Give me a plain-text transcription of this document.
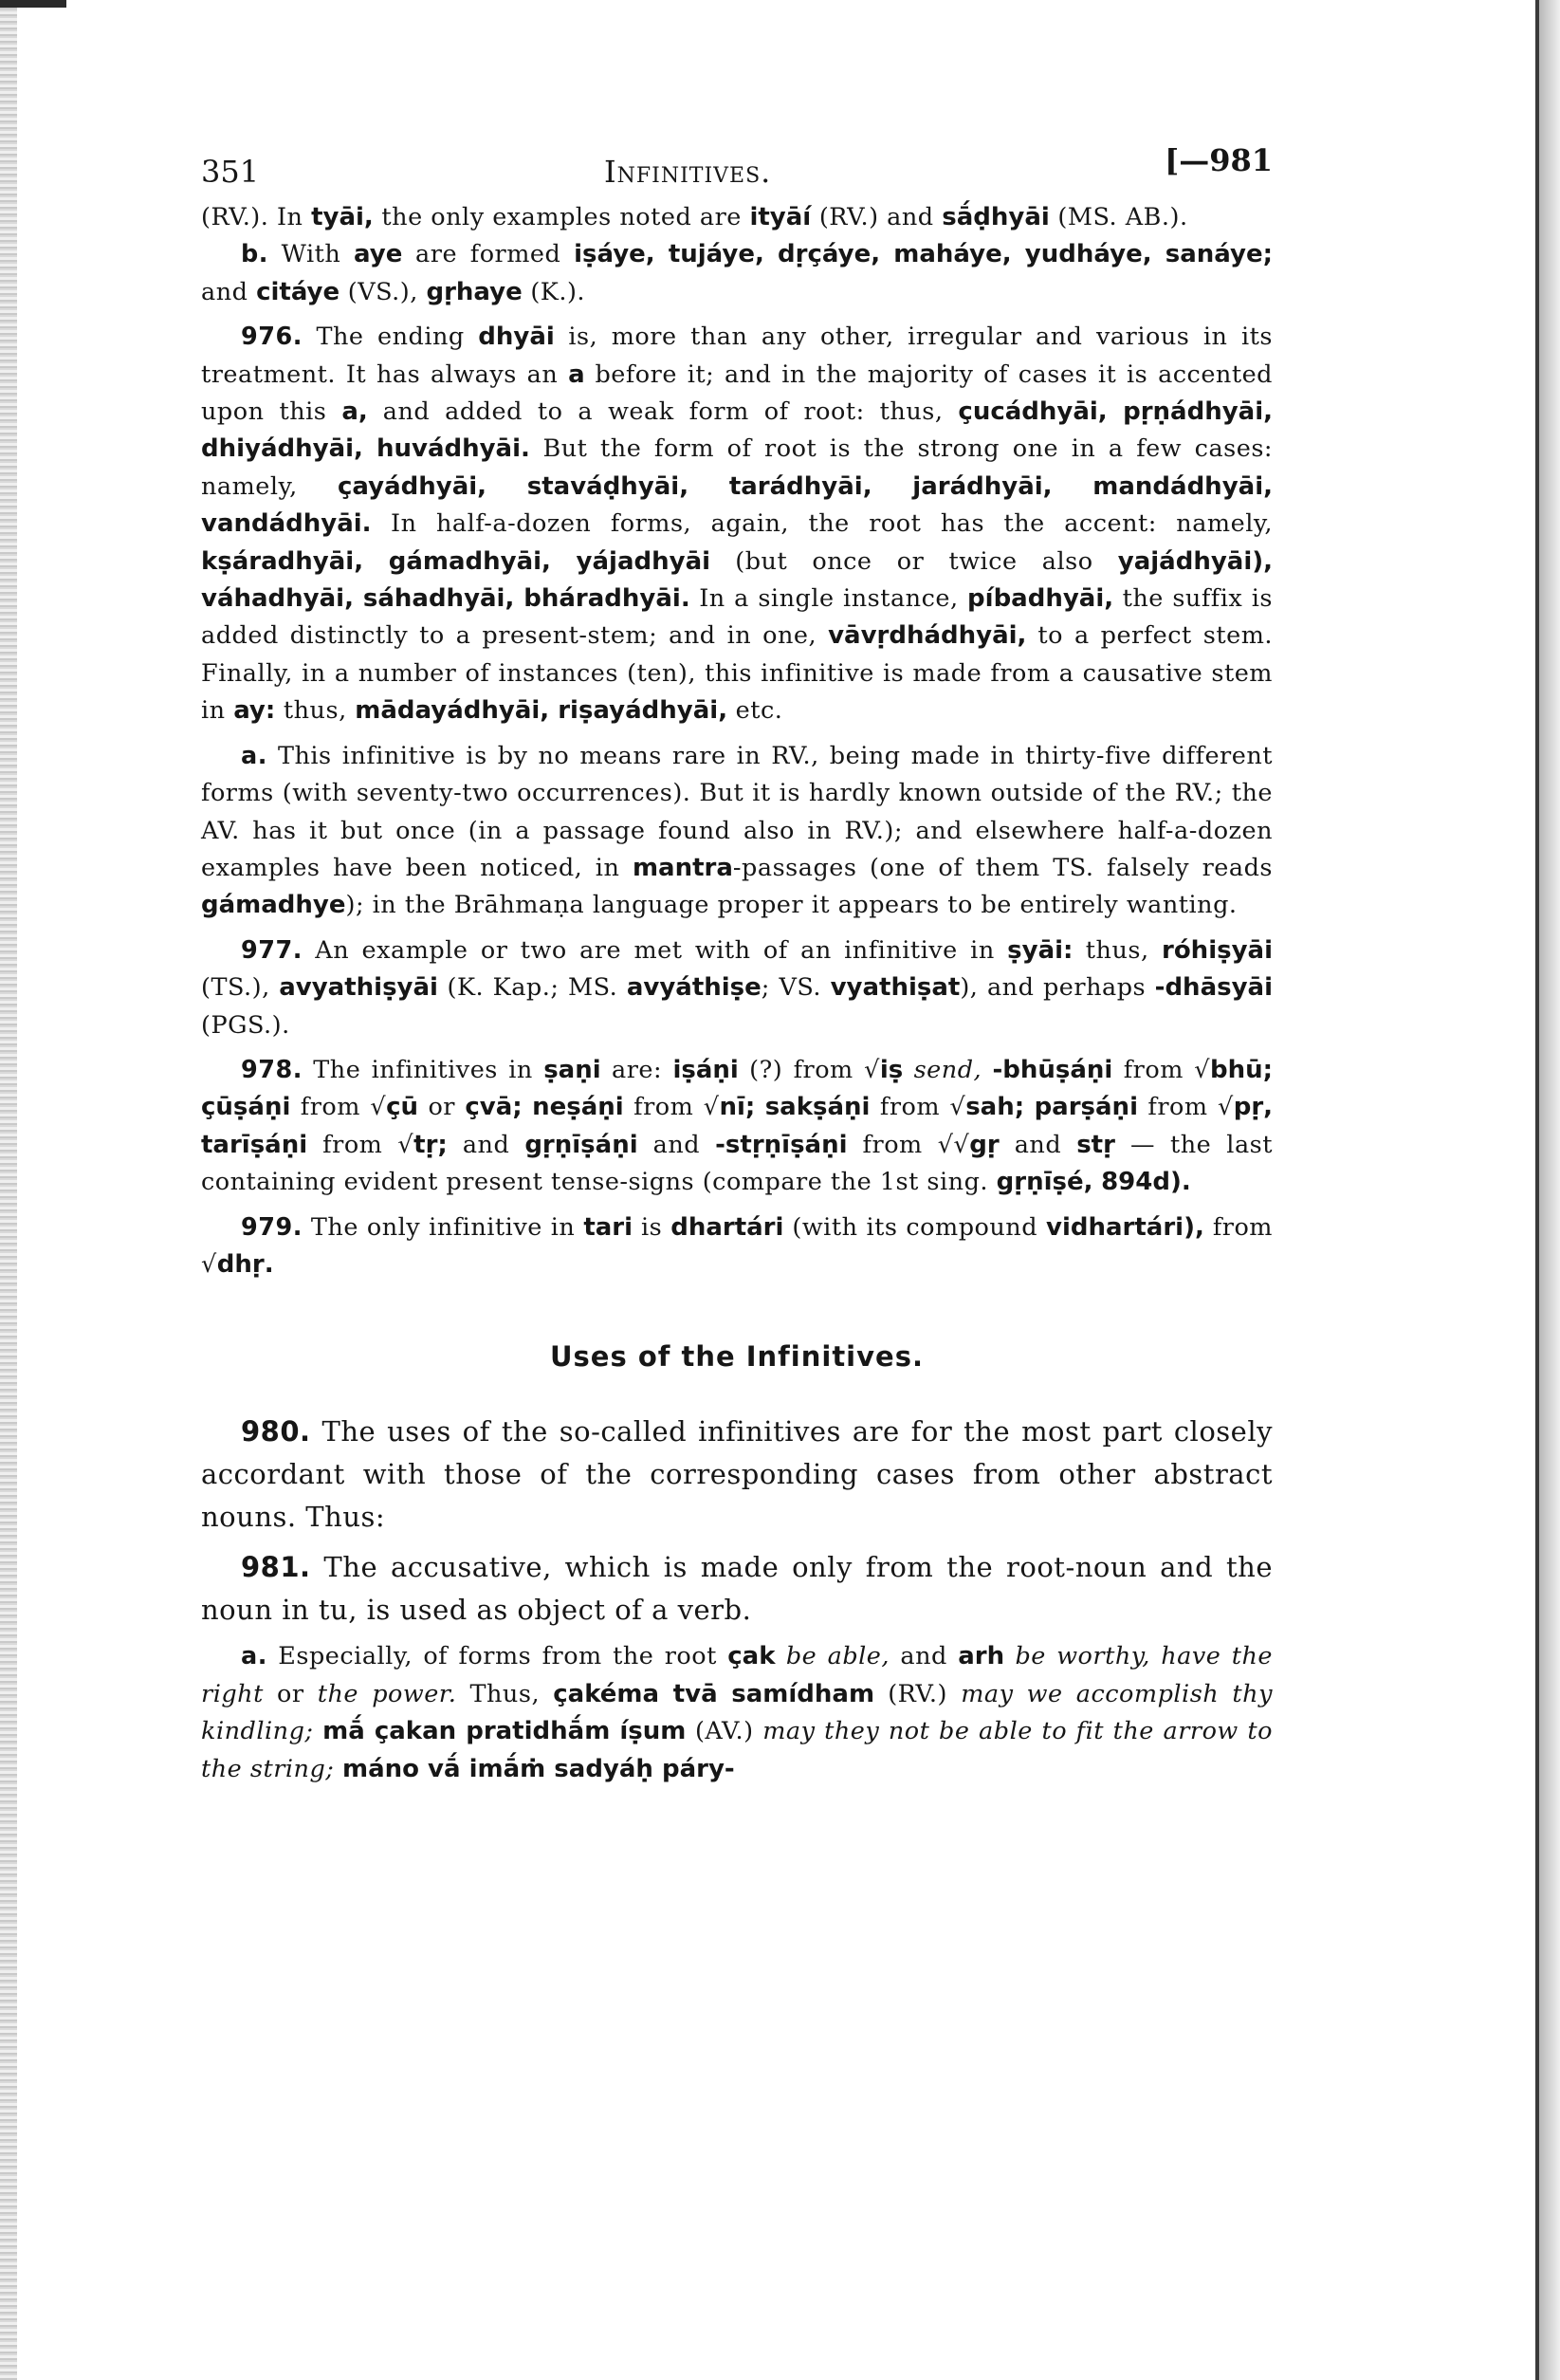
351	Infinitives.	[—981

(RV.). In tyāi, the only examples noted are ityāí (RV.) and sā́ḍhyāi (MS. AB.).

b. With aye are formed iṣáye, tujáye, dṛçáye, maháye, yudháye, sanáye; and citáye (VS.), gṛhaye (K.).

976. The ending dhyāi is, more than any other, irregular and various in its treatment. It has always an a before it; and in the majority of cases it is accented upon this a, and added to a weak form of root: thus, çucádhyāi, pṛṇádhyāi, dhiyádhyāi, huvádhyāi. But the form of root is the strong one in a few cases: namely, çayádhyāi, staváḍhyāi, tarádhyāi, jarádhyāi, mandádhyāi, vandádhyāi. In half-a-dozen forms, again, the root has the accent: namely, kṣáradhyāi, gámadhyāi, yájadhyāi (but once or twice also yajádhyāi), váhadhyāi, sáhadhyāi, bháradhyāi. In a single instance, píbadhyāi, the suffix is added distinctly to a present-stem; and in one, vāvṛdhádhyāi, to a perfect stem. Finally, in a number of instances (ten), this infinitive is made from a causative stem in ay: thus, mādayádhyāi, riṣayádhyāi, etc.

a. This infinitive is by no means rare in RV., being made in thirty-five different forms (with seventy-two occurrences). But it is hardly known outside of the RV.; the AV. has it but once (in a passage found also in RV.); and elsewhere half-a-dozen examples have been noticed, in mantra-passages (one of them TS. falsely reads gámadhye); in the Brāhmaṇa language proper it appears to be entirely wanting.

977. An example or two are met with of an infinitive in ṣyāi: thus, róhiṣyāi (TS.), avyathiṣyāi (K. Kap.; MS. avyáthiṣe; VS. vyathiṣat), and perhaps -dhāsyāi (PGS.).

978. The infinitives in ṣaṇi are: iṣáṇi (?) from √iṣ send, -bhūṣáṇi from √bhū; çūṣáṇi from √çū or çvā; neṣáṇi from √nī; sakṣáṇi from √sah; parṣáṇi from √pṛ, tarīṣáṇi from √tṛ; and gṛṇīṣáṇi and -stṛṇīṣáṇi from √√gṛ and stṛ — the last containing evident present tense-signs (compare the 1st sing. gṛṇīṣé, 894d).

979. The only infinitive in tari is dhartári (with its compound vidhartári), from √dhṛ.

Uses of the Infinitives.

980. The uses of the so-called infinitives are for the most part closely accordant with those of the corresponding cases from other abstract nouns. Thus:

981. The accusative, which is made only from the root-noun and the noun in tu, is used as object of a verb.

a. Especially, of forms from the root çak be able, and arh be worthy, have the right or the power. Thus, çakéma tvā samídham (RV.) may we accomplish thy kindling; mā́ çakan pratidhā́m íṣum (AV.) may they not be able to fit the arrow to the string; máno vā́ imā́ṁ sadyáḥ páry-
